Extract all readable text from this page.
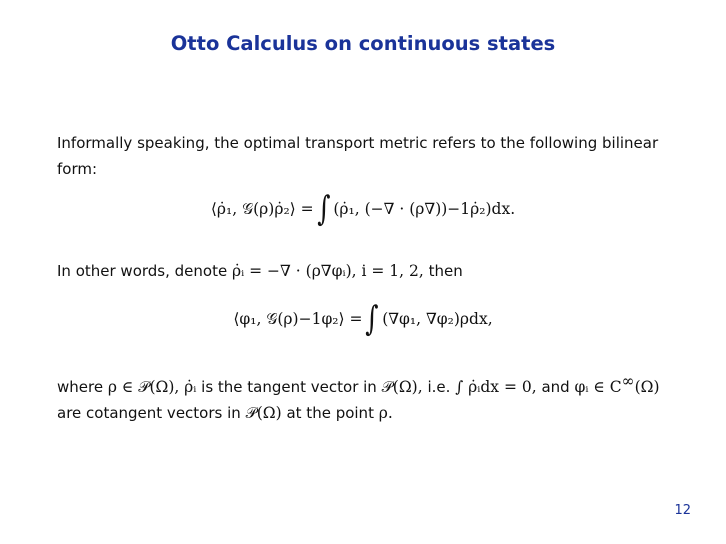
Otto Calculus on continuous states
Informally speaking, the optimal transport metric refers to the following bilinear form:
⟨ρ̇₁, 𝒢(ρ)ρ̇₂⟩ = ∫ (ρ̇₁, (−∇ · (ρ∇)) −1 ρ̇₂)dx.
In other words, denote ρ̇ᵢ = −∇ · (ρ∇φᵢ), i = 1, 2, then
⟨φ₁, 𝒢(ρ) −1 φ₂⟩ = ∫ (∇φ₁, ∇φ₂)ρdx,
where ρ ∈ 𝒫(Ω), ρ̇ᵢ is the tangent vector in 𝒫(Ω), i.e. ∫ ρ̇ᵢdx = 0, and φᵢ ∈ C∞(Ω) are cotangent vectors in 𝒫(Ω) at the point ρ.
12
